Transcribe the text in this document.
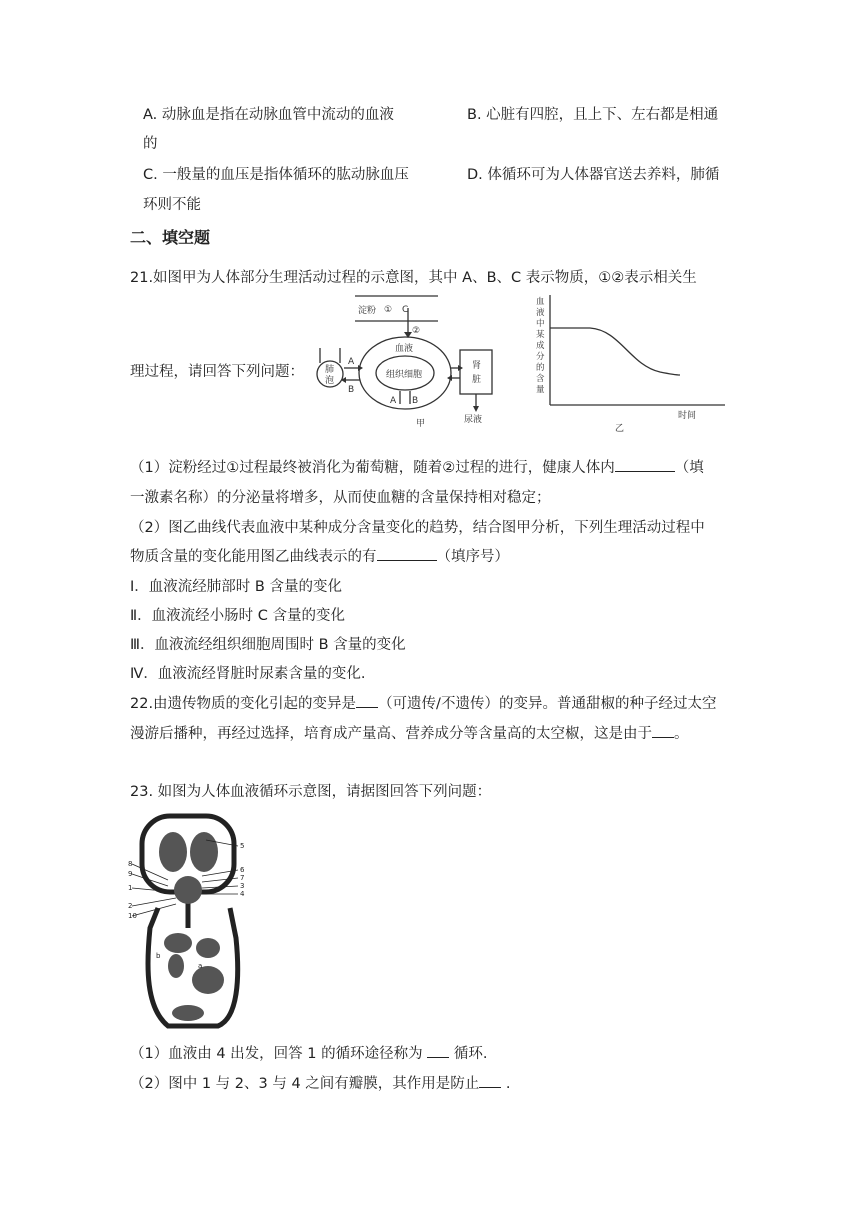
A. 动脉血是指在动脉血管中流动的血液	B. 心脏有四腔，且上下、左右都是相通
的
C. 一般量的血压是指体循环的肱动脉血压	D. 体循环可为人体器官送去养料，肺循
环则不能
二、填空题
21.如图甲为人体部分生理活动过程的示意图，其中 A、B、C 表示物质，①②表示相关生
理过程，请回答下列问题：
淀粉 ① C
②
肺
泡
A
B
血液
组织细胞
A B
肾
脏
尿液
甲
血
液
中
某
成
分
的
含
量
时间
乙
（1）淀粉经过①过程最终被消化为葡萄糖，随着②过程的进行，健康人体内	（填
一激素名称）的分泌量将增多，从而使血糖的含量保持相对稳定；
（2）图乙曲线代表血液中某种成分含量变化的趋势，结合图甲分析，下列生理活动过程中
物质含量的变化能用图乙曲线表示的有	（填序号）
Ⅰ．血液流经肺部时 B 含量的变化
Ⅱ．血液流经小肠时 C 含量的变化
Ⅲ．血液流经组织细胞周围时 B 含量的变化
Ⅳ．血液流经肾脏时尿素含量的变化.
22.由遗传物质的变化引起的变异是 （可遗传/不遗传）的变异。普通甜椒的种子经过太空
漫游后播种，再经过选择，培育成产量高、营养成分等含量高的太空椒，这是由于 。
23. 如图为人体血液循环示意图，请据图回答下列问题：
5
6
7
3
4
8
9
1
2
10
b
a
（1）血液由 4 出发，回答 1 的循环途径称为  循环.
（2）图中 1 与 2、3 与 4 之间有瓣膜，其作用是防止 .
